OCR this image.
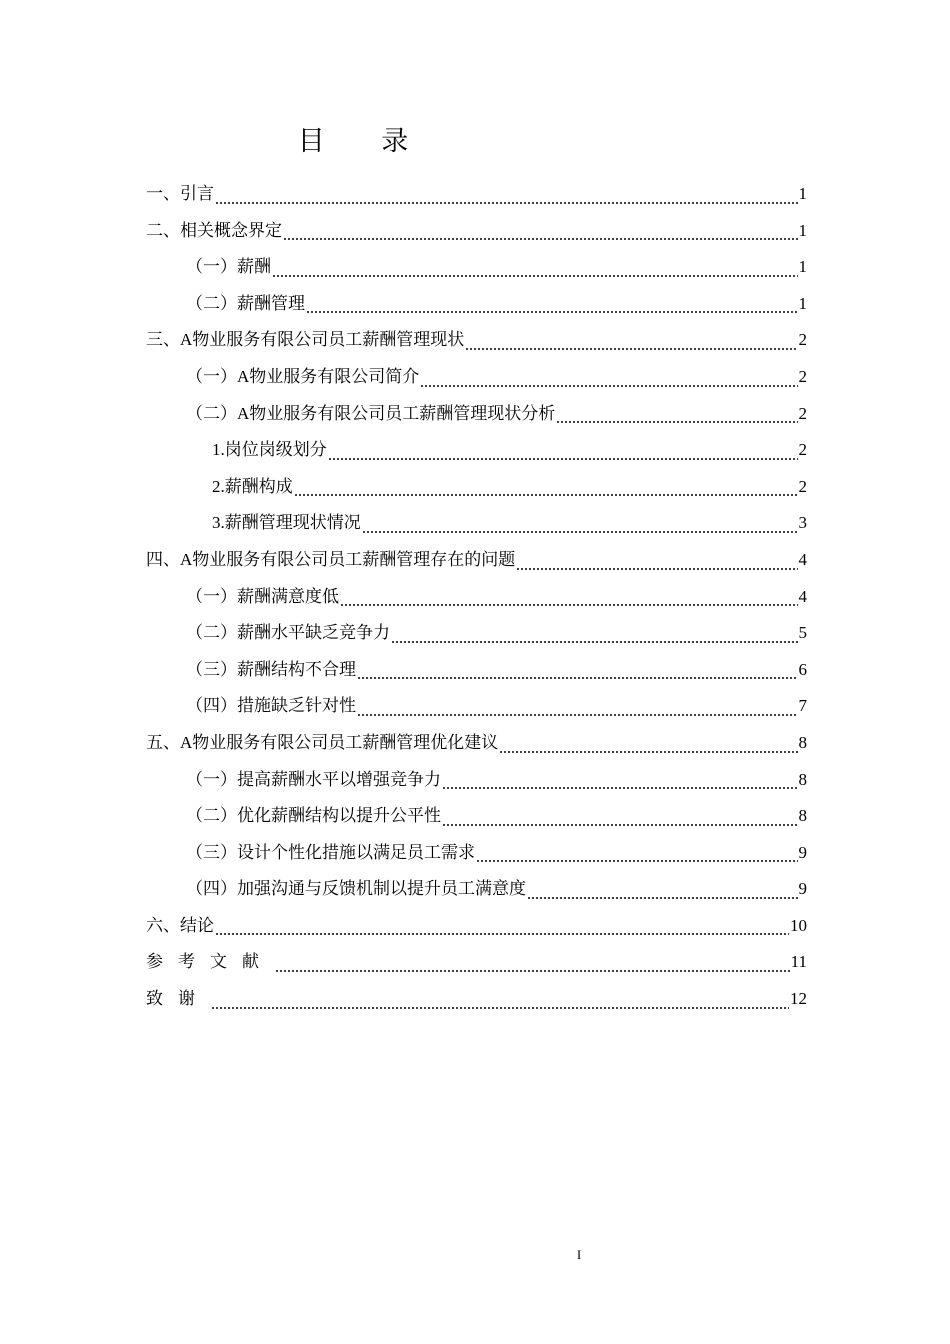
目 录
一、引言	1
二、相关概念界定	1
（一）薪酬	1
（二）薪酬管理	1
三、A物业服务有限公司员工薪酬管理现状	2
（一）A物业服务有限公司简介	2
（二）A物业服务有限公司员工薪酬管理现状分析	2
1.岗位岗级划分	2
2.薪酬构成	2
3.薪酬管理现状情况	3
四、A物业服务有限公司员工薪酬管理存在的问题	4
（一）薪酬满意度低	4
（二）薪酬水平缺乏竞争力	5
（三）薪酬结构不合理	6
（四）措施缺乏针对性	7
五、A物业服务有限公司员工薪酬管理优化建议	8
（一）提高薪酬水平以增强竞争力	8
（二）优化薪酬结构以提升公平性	8
（三）设计个性化措施以满足员工需求	9
（四）加强沟通与反馈机制以提升员工满意度	9
六、结论	10
参考文献	11
致谢	12
I
